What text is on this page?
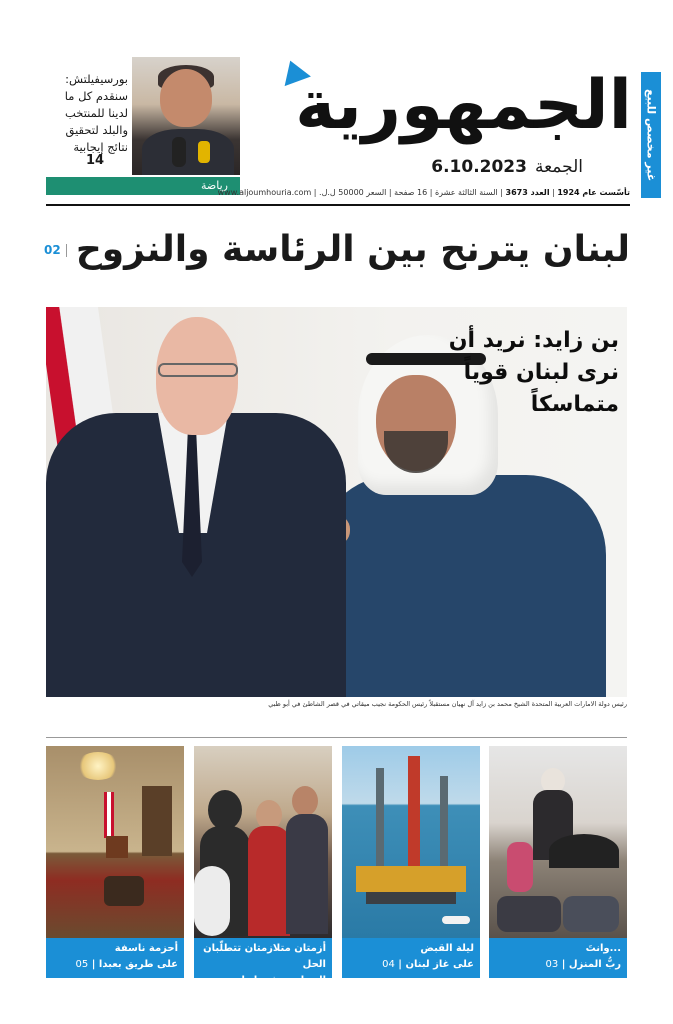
غير مخصص للبيع
الجمهورية
الجمعة
6.10.2023
بورسيفيلتش: سنقدم كل ما لدينا للمنتخب والبلد لتحقيق نتائج إيجابية
14
رياضة
تأسّست عام 1924 | العدد 3673 | السنة الثالثة عشرة | 16 صفحة | السعر 50000 ل.ل. | www.aljoumhouria.com
لبنان يترنح بين الرئاسة والنزوح
02
بن زايد: نريد أن نرى لبنان قوياً متماسكاً
رئيس دولة الامارات العربية المتحدة الشيخ محمد بن زايد آل نهيان مستقبلاً رئيس الحكومة نجيب ميقاتي في قصر الشاطئ في أبو ظبي
...وانتَ
ربُّ المنزل | 03
ليلة القبض
على غاز لبنان | 04
أزمتان متلازمتان تتطلّبان الحل
السياسي في لبنان وسوريا! | 04
أحزمة ناسفة
على طريق بعبدا | 05
